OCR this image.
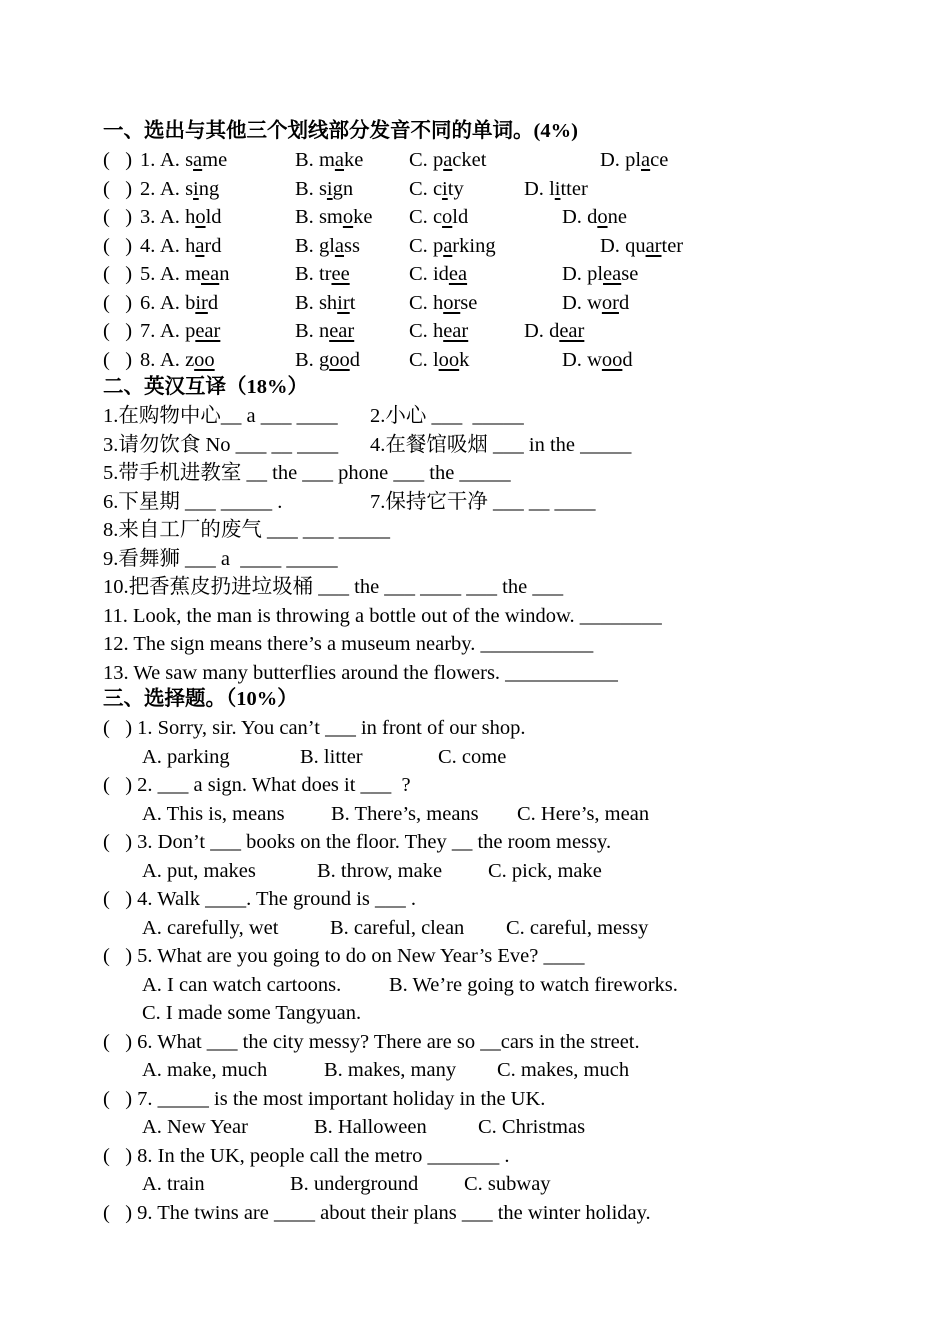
一、选出与其他三个划线部分发音不同的单词。(4%)
(   ) 1. A. same	B. make C. packet	D. place
(   ) 2. A. sing	B. sign	C. city	D. litter
(   ) 3. A. hold	B. smoke C. cold	D. done
(   ) 4. A. hard	B. glass C. parking	D. quarter
(   ) 5. A. mean	B. tree	C. idea	D. please
(   ) 6. A. bird	B. shirt	C. horse	D. word
(   ) 7. A. pear	B. near	C. hear	D. dear
(   ) 8. A. zoo	B. good C. look	D. wood
二、英汉互译（18%）
1.在购物中心__ a ___ ____ 2.小心 ___  _____
3.请勿饮食 No ___ __ ____ 4.在餐馆吸烟 ___ in the _____
5.带手机进教室 __ the ___ phone ___ the _____
6.下星期 ___ _____ .	7.保持它干净 ___ __ ____
8.来自工厂的废气 ___ ___ _____
9.看舞狮 ___ a  ____ _____
10.把香蕉皮扔进垃圾桶 ___ the ___ ____ ___ the ___
11. Look, the man is throwing a bottle out of the window. ________
12. The sign means there’s a museum nearby. ___________
13. We saw many butterflies around the flowers. ___________
三、选择题。（10%）
(   ) 1. Sorry, sir. You can’t ___ in front of our shop.
A. parking	B. litter	C. come
(   ) 2. ___ a sign. What does it ___  ?
A. This is, means B. There’s, means C. Here’s, mean
(   ) 3. Don’t ___ books on the floor. They __ the room messy.
A. put, makes	B. throw, make C. pick, make
(   ) 4. Walk ____. The ground is ___ .
A. carefully, wet	B. careful, clean C. careful, messy
(   ) 5. What are you going to do on New Year’s Eve? ____
A. I can watch cartoons. B. We’re going to watch fireworks.
C. I made some Tangyuan.
(   ) 6. What ___ the city messy? There are so __cars in the street.
A. make, much	B. makes, many C. makes, much
(   ) 7. _____ is the most important holiday in the UK.
A. New Year	B. Halloween	C. Christmas
(   ) 8. In the UK, people call the metro _______ .
A. train	B. underground C. subway
(   ) 9. The twins are ____ about their plans ___ the winter holiday.
